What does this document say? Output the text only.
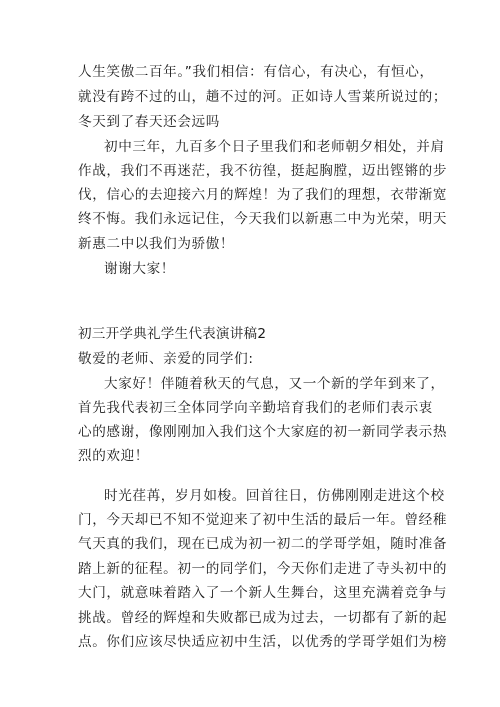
人生笑傲二百年。”我们相信：有信心，有决心，有恒心，
就没有跨不过的山，趟不过的河。正如诗人雪莱所说过的；
冬天到了春天还会远吗
初中三年，九百多个日子里我们和老师朝夕相处，并肩
作战，我们不再迷茫，我不彷徨，挺起胸膛，迈出铿锵的步
伐，信心的去迎接六月的辉煌！为了我们的理想，衣带渐宽
终不悔。我们永远记住，今天我们以新惠二中为光荣，明天
新惠二中以我们为骄傲！
谢谢大家！
初三开学典礼学生代表演讲稿2
敬爱的老师、亲爱的同学们:
大家好！伴随着秋天的气息，又一个新的学年到来了，
首先我代表初三全体同学向辛勤培育我们的老师们表示衷
心的感谢，像刚刚加入我们这个大家庭的初一新同学表示热
烈的欢迎！
时光荏苒，岁月如梭。回首往日，仿佛刚刚走进这个校
门，今天却已不知不觉迎来了初中生活的最后一年。曾经稚
气天真的我们，现在已成为初一初二的学哥学姐，随时准备
踏上新的征程。初一的同学们，今天你们走进了寺头初中的
大门，就意味着踏入了一个新人生舞台，这里充满着竞争与
挑战。曾经的辉煌和失败都已成为过去，一切都有了新的起
点。你们应该尽快适应初中生活，以优秀的学哥学姐们为榜
